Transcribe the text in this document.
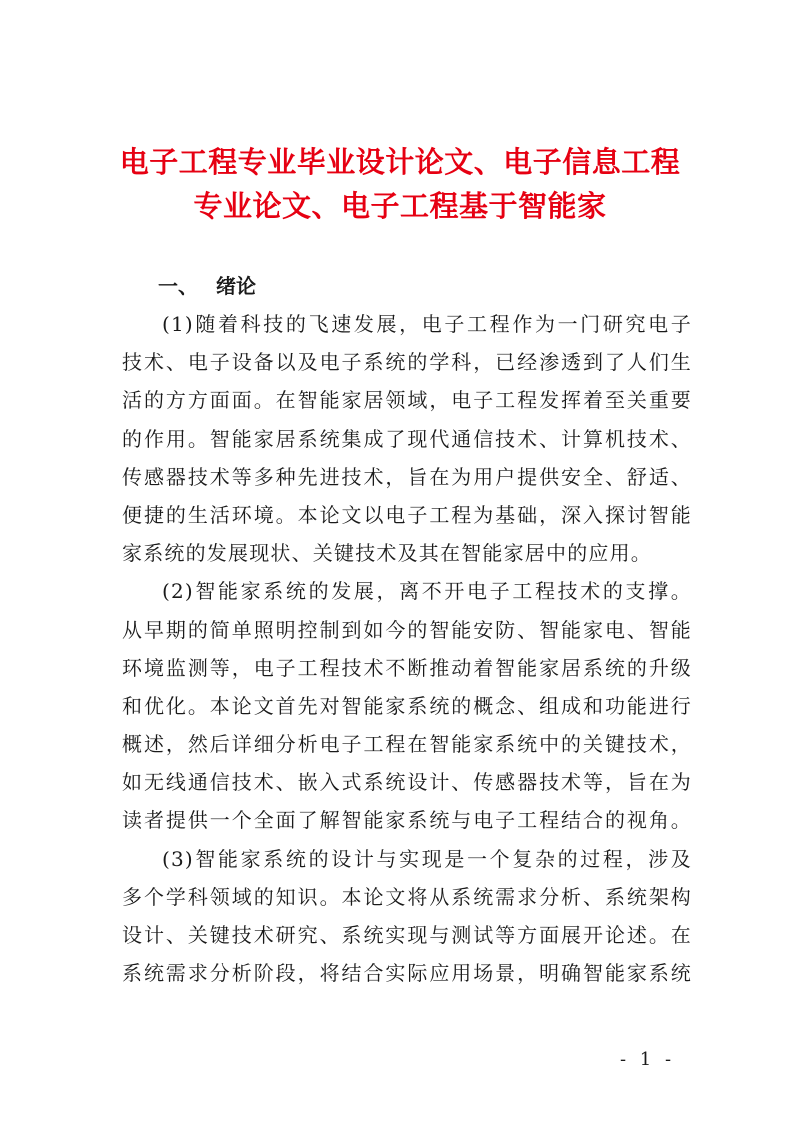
电子工程专业毕业设计论文、电子信息工程
专业论文、电子工程基于智能家
一、 绪论
(1)随着科技的飞速发展，电子工程作为一门研究电子
技术、电子设备以及电子系统的学科，已经渗透到了人们生
活的方方面面。在智能家居领域，电子工程发挥着至关重要
的作用。智能家居系统集成了现代通信技术、计算机技术、
传感器技术等多种先进技术，旨在为用户提供安全、舒适、
便捷的生活环境。本论文以电子工程为基础，深入探讨智能
家系统的发展现状、关键技术及其在智能家居中的应用。
(2)智能家系统的发展，离不开电子工程技术的支撑。
从早期的简单照明控制到如今的智能安防、智能家电、智能
环境监测等，电子工程技术不断推动着智能家居系统的升级
和优化。本论文首先对智能家系统的概念、组成和功能进行
概述，然后详细分析电子工程在智能家系统中的关键技术，
如无线通信技术、嵌入式系统设计、传感器技术等，旨在为
读者提供一个全面了解智能家系统与电子工程结合的视角。
(3)智能家系统的设计与实现是一个复杂的过程，涉及
多个学科领域的知识。本论文将从系统需求分析、系统架构
设计、关键技术研究、系统实现与测试等方面展开论述。在
系统需求分析阶段，将结合实际应用场景，明确智能家系统
- 1 -
